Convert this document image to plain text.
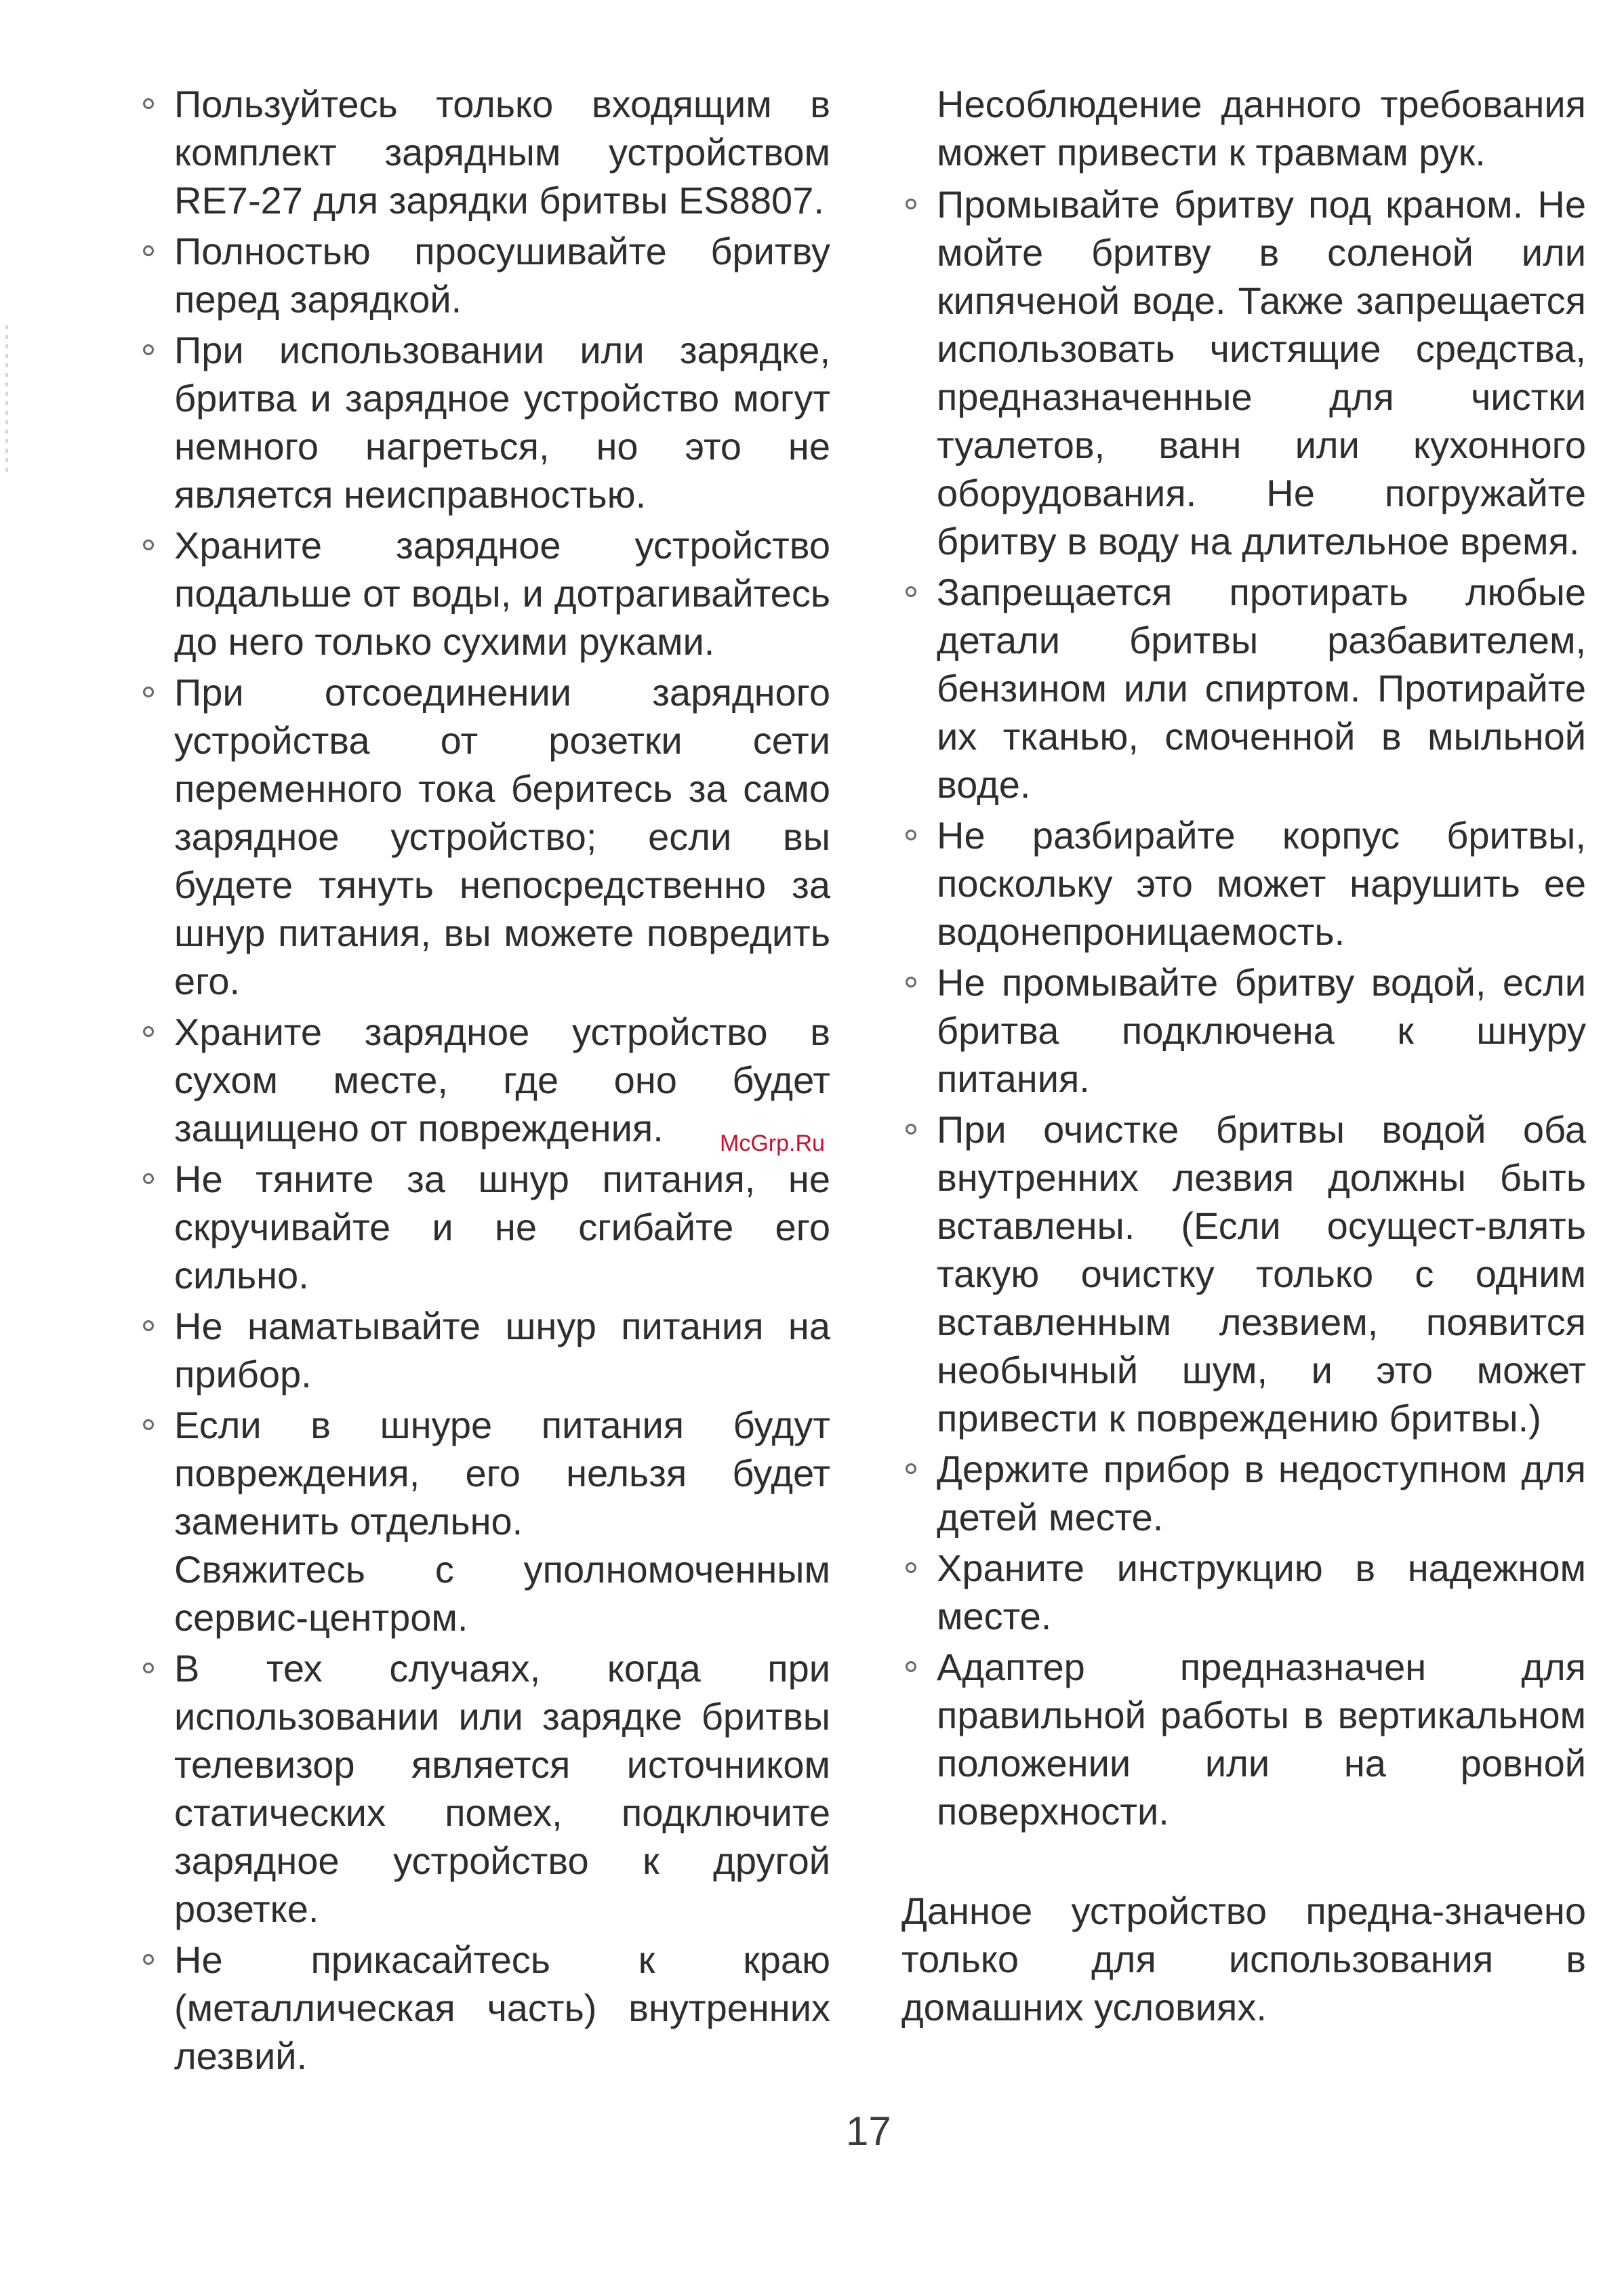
Пользуйтесь только входящим в комплект зарядным устройством RE7-27 для зарядки бритвы ES8807.
Полностью просушивайте бритву перед зарядкой.
При использовании или зарядке, бритва и зарядное устройство могут немного нагреться, но это не является неисправностью.
Храните зарядное устройство подальше от воды, и дотрагивайтесь до него только сухими руками.
При отсоединении зарядного устройства от розетки сети переменного тока беритесь за само зарядное устройство; если вы будете тянуть непосредственно за шнур питания, вы можете повредить его.
Храните зарядное устройство в сухом месте, где оно будет защищено от повреждения.
Не тяните за шнур питания, не скручивайте и не сгибайте его сильно.
Не наматывайте шнур питания на прибор.
Если в шнуре питания будут повреждения, его нельзя будет заменить отдельно.
Свяжитесь с уполномоченным сервис-центром.
В тех случаях, когда при использовании или зарядке бритвы телевизор является источником статических помех, подключите зарядное устройство к другой розетке.
Не прикасайтесь к краю (металлическая часть) внутренних лезвий.

Несоблюдение данного требования может привести к травмам рук.

Промывайте бритву под краном. Не мойте бритву в соленой или кипяченой воде. Также запрещается использовать чистящие средства, предназначенные для чистки туалетов, ванн или кухонного оборудования. Не погружайте бритву в воду на длительное время.
Запрещается протирать любые детали бритвы разбавителем, бензином или спиртом. Протирайте их тканью, смоченной в мыльной воде.
Не разбирайте корпус бритвы, поскольку это может нарушить ее водонепроницаемость.
Не промывайте бритву водой, если бритва подключена к шнуру питания.
При очистке бритвы водой оба внутренних лезвия должны быть вставлены. (Если осущест-влять такую очистку только с одним вставленным лезвием, появится необычный шум, и это может привести к повреждению бритвы.)
Держите прибор в недоступном для детей месте.
Храните инструкцию в надежном месте.
Адаптер предназначен для правильной работы в вертикальном положении или на ровной поверхности.

Данное устройство предна-значено только для использования в домашних условиях.

McGrp.Ru
17
